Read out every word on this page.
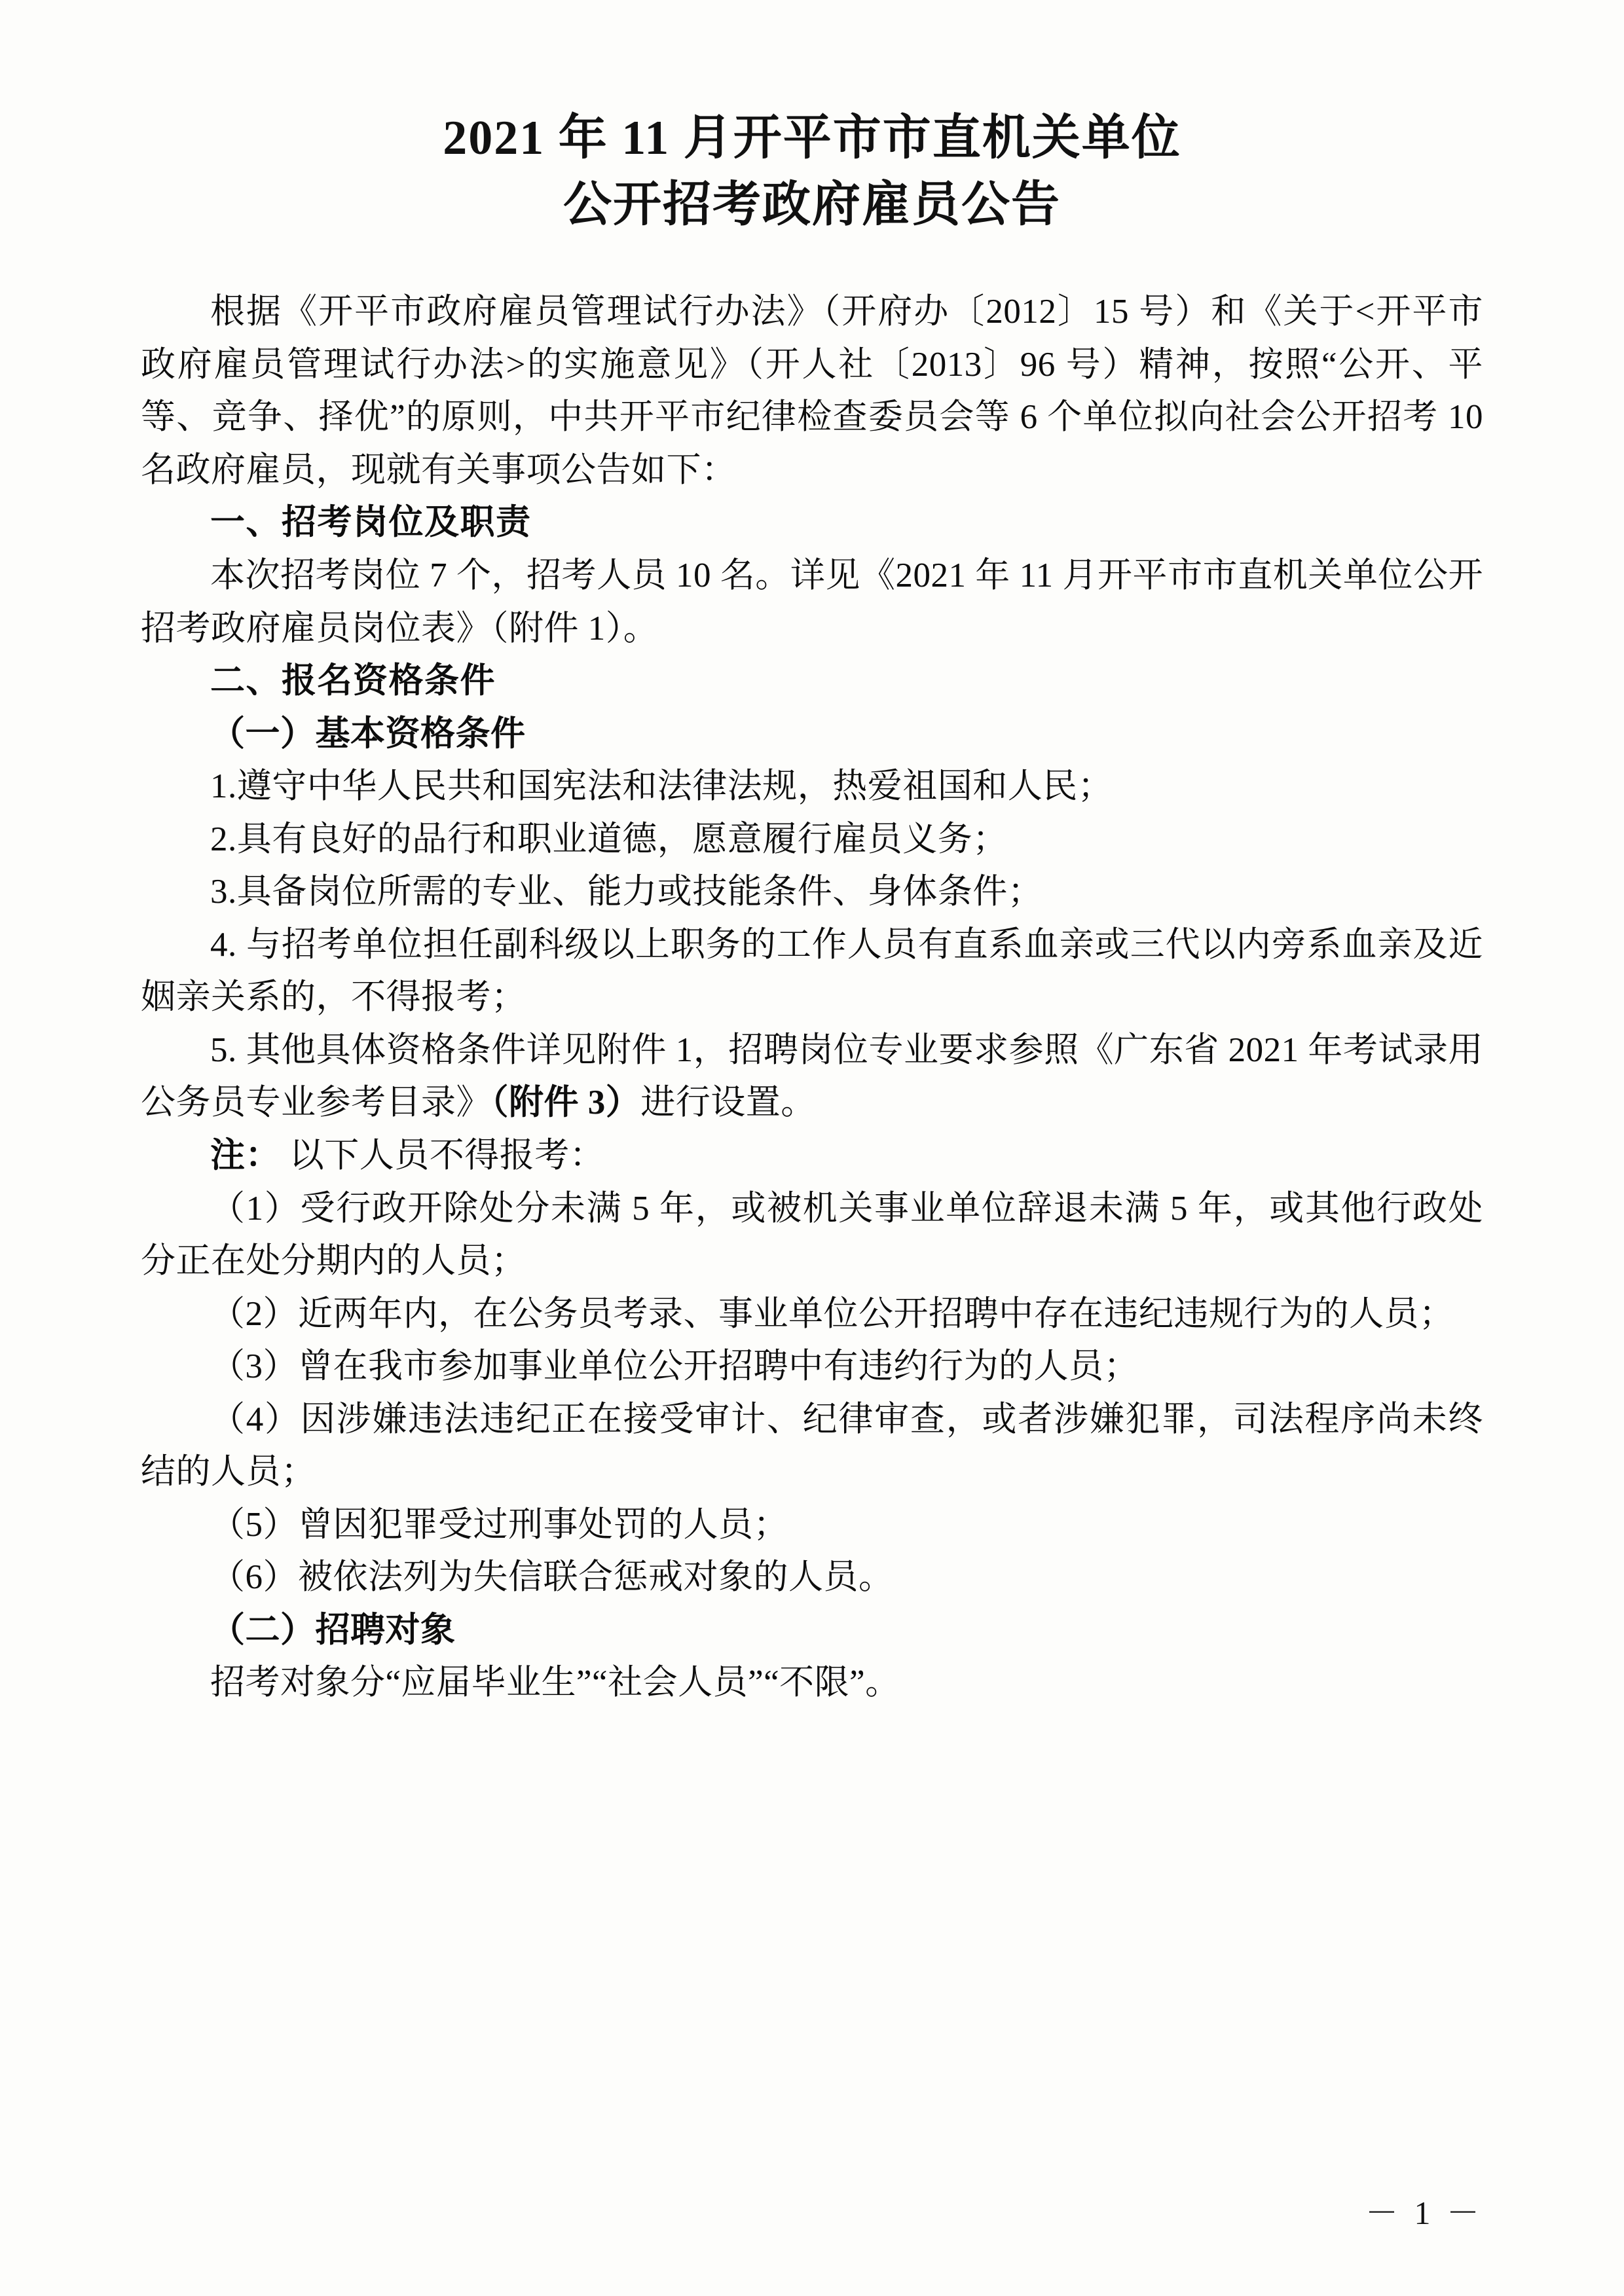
2021 年 11 月开平市市直机关单位
公开招考政府雇员公告

根据《开平市政府雇员管理试行办法》（开府办〔2012〕15 号）和《关于<开平市政府雇员管理试行办法>的实施意见》（开人社〔2013〕96 号）精神，按照“公开、平等、竞争、择优”的原则，中共开平市纪律检查委员会等 6 个单位拟向社会公开招考 10 名政府雇员，现就有关事项公告如下：

一、招考岗位及职责

本次招考岗位 7 个，招考人员 10 名。详见《2021 年 11 月开平市市直机关单位公开招考政府雇员岗位表》（附件 1）。

二、报名资格条件

（一）基本资格条件

1.遵守中华人民共和国宪法和法律法规，热爱祖国和人民；

2.具有良好的品行和职业道德，愿意履行雇员义务；

3.具备岗位所需的专业、能力或技能条件、身体条件；

4. 与招考单位担任副科级以上职务的工作人员有直系血亲或三代以内旁系血亲及近姻亲关系的，不得报考；

5. 其他具体资格条件详见附件 1，招聘岗位专业要求参照《广东省 2021 年考试录用公务员专业参考目录》（附件 3）进行设置。

注： 以下人员不得报考：

（1）受行政开除处分未满 5 年，或被机关事业单位辞退未满 5 年，或其他行政处分正在处分期内的人员；

（2）近两年内，在公务员考录、事业单位公开招聘中存在违纪违规行为的人员；

（3）曾在我市参加事业单位公开招聘中有违约行为的人员；

（4）因涉嫌违法违纪正在接受审计、纪律审查，或者涉嫌犯罪，司法程序尚未终结的人员；

（5）曾因犯罪受过刑事处罚的人员；

（6）被依法列为失信联合惩戒对象的人员。

（二）招聘对象

招考对象分“应届毕业生”“社会人员”“不限”。

－ 1 －
